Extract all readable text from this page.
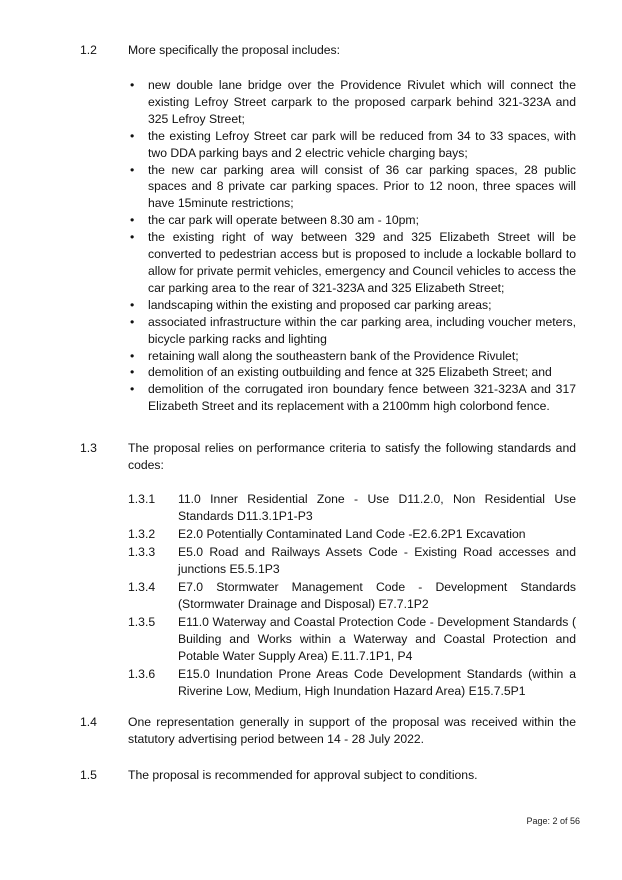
1.2	More specifically the proposal includes:
• new double lane bridge over the Providence Rivulet which will connect the existing Lefroy Street carpark to the proposed carpark behind 321-323A and 325 Lefroy Street;
• the existing Lefroy Street car park will be reduced from 34 to 33 spaces, with two DDA parking bays and 2 electric vehicle charging bays;
• the new car parking area will consist of 36 car parking spaces, 28 public spaces and 8 private car parking spaces. Prior to 12 noon, three spaces will have 15minute restrictions;
• the car park will operate between 8.30 am - 10pm;
• the existing right of way between 329 and 325 Elizabeth Street will be converted to pedestrian access but is proposed to include a lockable bollard to allow for private permit vehicles, emergency and Council vehicles to access the car parking area to the rear of 321-323A and 325 Elizabeth Street;
• landscaping within the existing and proposed car parking areas;
• associated infrastructure within the car parking area, including voucher meters, bicycle parking racks and lighting
• retaining wall along the southeastern bank of the Providence Rivulet;
• demolition of an existing outbuilding and fence at 325 Elizabeth Street; and
• demolition of the corrugated iron boundary fence between 321-323A and 317 Elizabeth Street and its replacement with a 2100mm high colorbond fence.
1.3	The proposal relies on performance criteria to satisfy the following standards and codes:
1.3.1	11.0 Inner Residential Zone - Use D11.2.0, Non Residential Use Standards D11.3.1P1-P3
1.3.2	E2.0 Potentially Contaminated Land Code -E2.6.2P1 Excavation
1.3.3	E5.0 Road and Railways Assets Code - Existing Road accesses and junctions E5.5.1P3
1.3.4	E7.0 Stormwater Management Code - Development Standards (Stormwater Drainage and Disposal) E7.7.1P2
1.3.5	E11.0 Waterway and Coastal Protection Code - Development Standards ( Building and Works within a Waterway and Coastal Protection and Potable Water Supply Area) E.11.7.1P1, P4
1.3.6	E15.0 Inundation Prone Areas Code Development Standards (within a Riverine Low, Medium, High Inundation Hazard Area) E15.7.5P1
1.4	One representation generally in support of the proposal was received within the statutory advertising period between 14 - 28 July 2022.
1.5	The proposal is recommended for approval subject to conditions.
Page: 2 of 56
